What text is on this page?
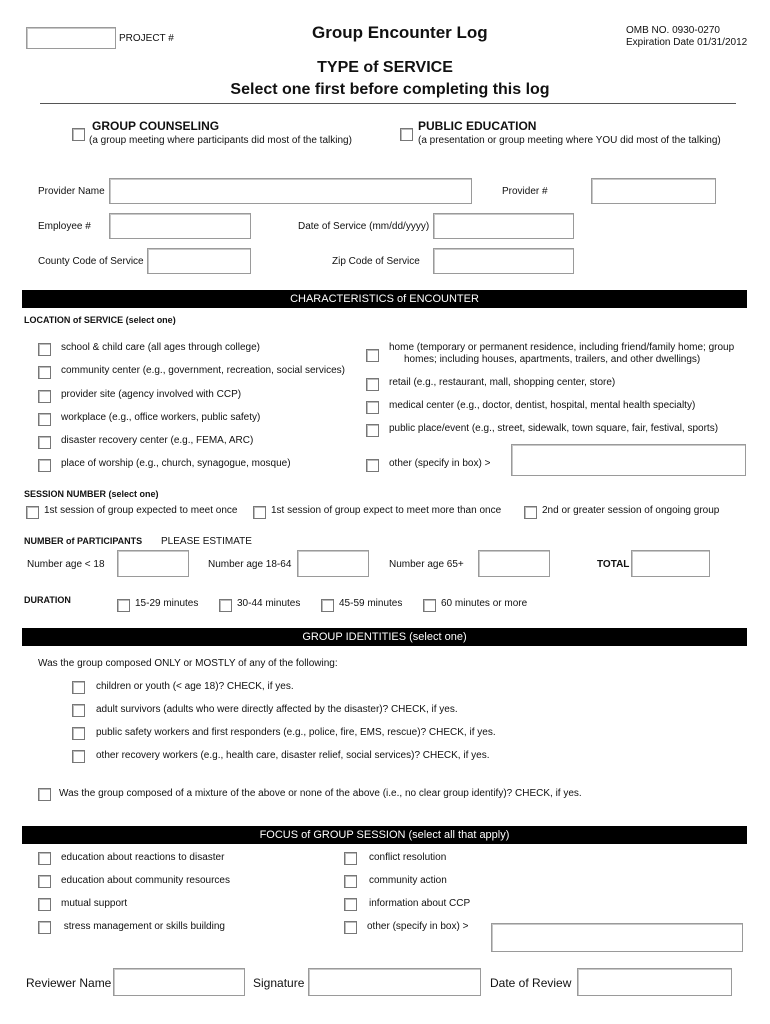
PROJECT #	Group Encounter Log	OMB NO. 0930-0270
Expiration Date 01/31/2012
TYPE of SERVICE
Select one first before completing this log
GROUP COUNSELING
(a group meeting where participants did most of the talking)
PUBLIC EDUCATION
(a presentation or group meeting where YOU did most of the talking)
Provider Name	Provider #
Employee #	Date of Service (mm/dd/yyyy)
County Code of Service	Zip Code of Service
CHARACTERISTICS of ENCOUNTER
LOCATION of SERVICE (select one)
school & child care (all ages through college)
community center (e.g., government, recreation, social services)
provider site (agency involved with CCP)
workplace (e.g., office workers, public safety)
disaster recovery center (e.g., FEMA, ARC)
place of worship (e.g., church, synagogue, mosque)
home (temporary or permanent residence, including friend/family home; group
homes; including houses, apartments, trailers, and other dwellings)
retail (e.g., restaurant, mall, shopping center, store)
medical center (e.g., doctor, dentist, hospital, mental health specialty)
public place/event (e.g., street, sidewalk, town square, fair, festival, sports)
other (specify in box) >
SESSION NUMBER (select one)
1st session of group expected to meet once	1st session of group expect to meet more than once	2nd or greater session of ongoing group
NUMBER of PARTICIPANTS PLEASE ESTIMATE
Number age < 18	Number age 18-64	Number age 65+	TOTAL
DURATION	15-29 minutes	30-44 minutes	45-59 minutes	60 minutes or more
GROUP IDENTITIES (select one)
Was the group composed ONLY or MOSTLY of any of the following:
children or youth (< age 18)? CHECK, if yes.
adult survivors (adults who were directly affected by the disaster)? CHECK, if yes.
public safety workers and first responders (e.g., police, fire, EMS, rescue)? CHECK, if yes.
other recovery workers (e.g., health care, disaster relief, social services)? CHECK, if yes.
Was the group composed of a mixture of the above or none of the above (i.e., no clear group identify)? CHECK, if yes.
FOCUS of GROUP SESSION (select all that apply)
education about reactions to disaster
education about community resources
mutual support
stress management or skills building
conflict resolution
community action
information about CCP
other (specify in box) >
Reviewer Name	Signature	Date of Review
